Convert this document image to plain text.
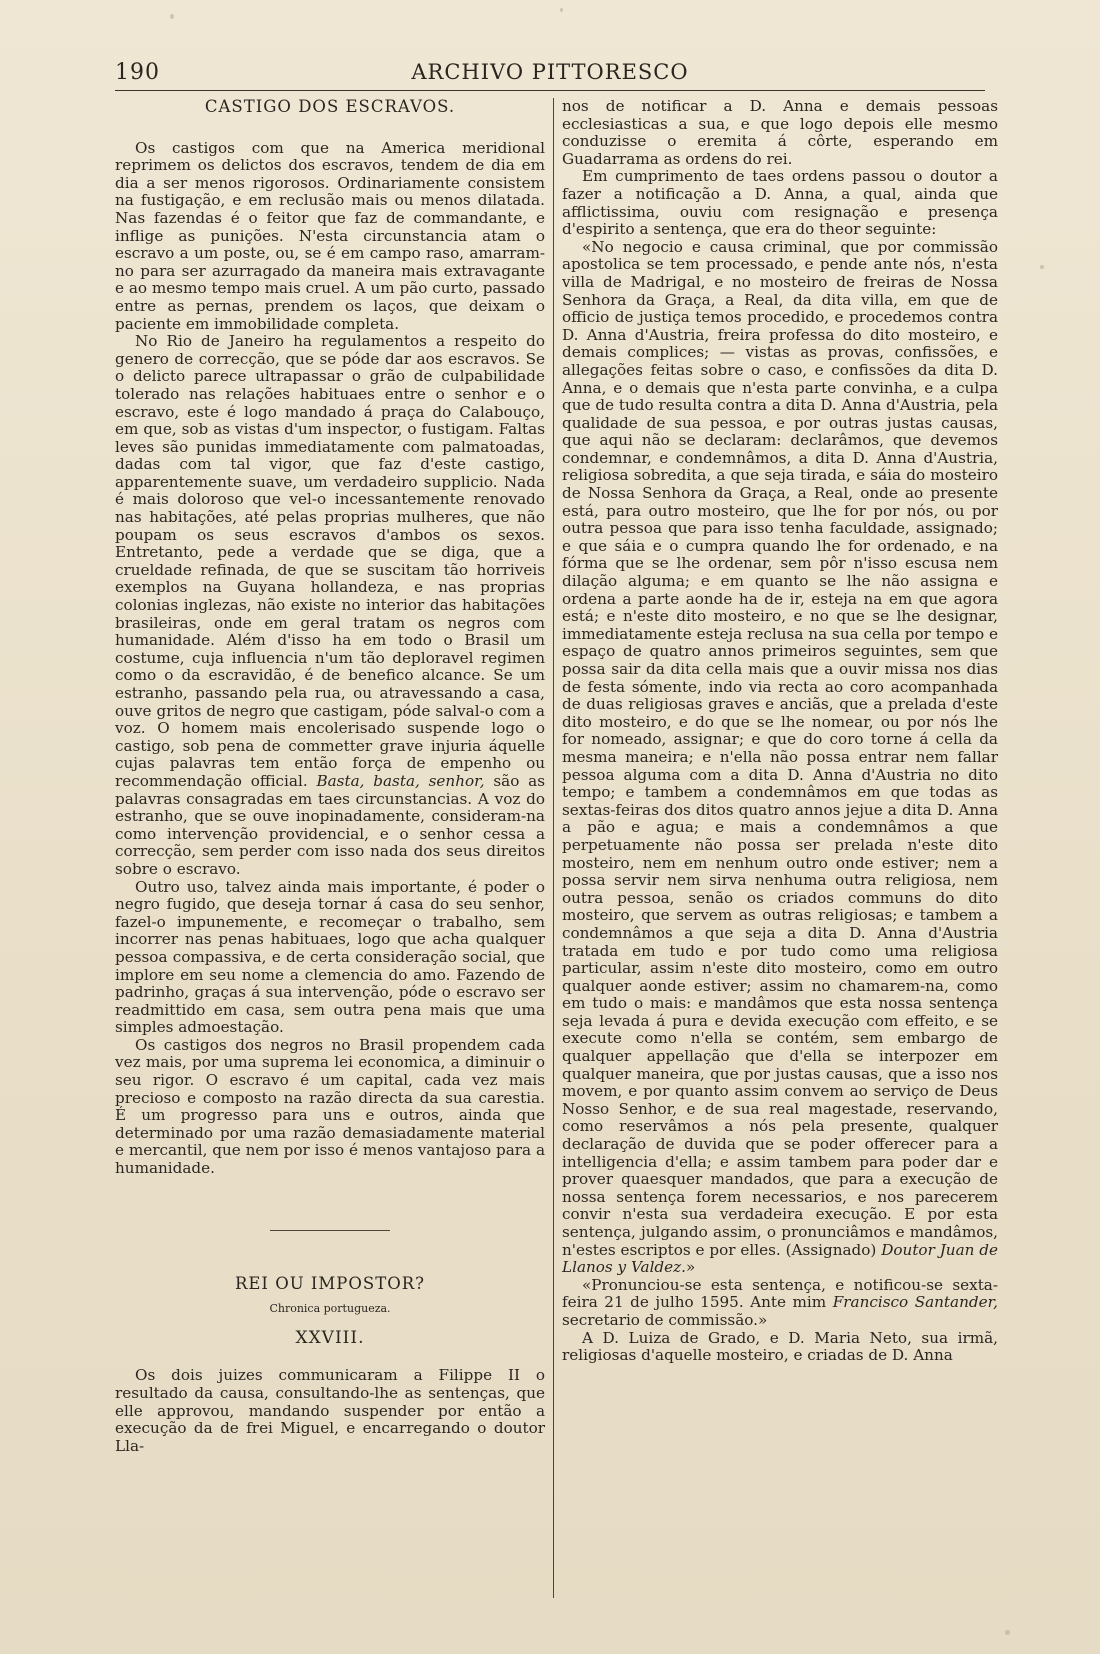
190	ARCHIVO PITTORESCO
CASTIGO DOS ESCRAVOS.

Os castigos com que na America meridional reprimem os delictos dos escravos, tendem de dia em dia a ser menos rigorosos. Ordinariamente consistem na fustigação, e em reclusão mais ou menos dilatada. Nas fazendas é o feitor que faz de commandante, e inflige as punições. N'esta circunstancia atam o escravo a um poste, ou, se é em campo raso, amarram-no para ser azurragado da maneira mais extravagante e ao mesmo tempo mais cruel. A um pão curto, passado entre as pernas, prendem os laços, que deixam o paciente em immobilidade completa.

No Rio de Janeiro ha regulamentos a respeito do genero de correcção, que se póde dar aos escravos. Se o delicto parece ultrapassar o grão de culpabilidade tolerado nas relações habituaes entre o senhor e o escravo, este é logo mandado á praça do Calabouço, em que, sob as vistas d'um inspector, o fustigam. Faltas leves são punidas immediatamente com palmatoadas, dadas com tal vigor, que faz d'este castigo, apparentemente suave, um verdadeiro supplicio. Nada é mais doloroso que vel-o incessantemente renovado nas habitações, até pelas proprias mulheres, que não poupam os seus escravos d'ambos os sexos. Entretanto, pede a verdade que se diga, que a crueldade refinada, de que se suscitam tão horriveis exemplos na Guyana hollandeza, e nas proprias colonias inglezas, não existe no interior das habitações brasileiras, onde em geral tratam os negros com humanidade. Além d'isso ha em todo o Brasil um costume, cuja influencia n'um tão deploravel regimen como o da escravidão, é de benefico alcance. Se um estranho, passando pela rua, ou atravessando a casa, ouve gritos de negro que castigam, póde salval-o com a voz. O homem mais encolerisado suspende logo o castigo, sob pena de commetter grave injuria áquelle cujas palavras tem então força de empenho ou recommendação official. Basta, basta, senhor, são as palavras consagradas em taes circunstancias. A voz do estranho, que se ouve inopinadamente, consideram-na como intervenção providencial, e o senhor cessa a correcção, sem perder com isso nada dos seus direitos sobre o escravo.

Outro uso, talvez ainda mais importante, é poder o negro fugido, que deseja tornar á casa do seu senhor, fazel-o impunemente, e recomeçar o trabalho, sem incorrer nas penas habituaes, logo que acha qualquer pessoa compassiva, e de certa consideração social, que implore em seu nome a clemencia do amo. Fazendo de padrinho, graças á sua intervenção, póde o escravo ser readmittido em casa, sem outra pena mais que uma simples admoestação.

Os castigos dos negros no Brasil propendem cada vez mais, por uma suprema lei economica, a diminuir o seu rigor. O escravo é um capital, cada vez mais precioso e composto na razão directa da sua carestia. É um progresso para uns e outros, ainda que determinado por uma razão demasiadamente material e mercantil, que nem por isso é menos vantajoso para a humanidade.

REI OU IMPOSTOR?
Chronica portugueza.
XXVIII.

Os dois juizes communicaram a Filippe II o resultado da causa, consultando-lhe as sentenças, que elle approvou, mandando suspender por então a execução da de frei Miguel, e encarregando o doutor Lla-

nos de notificar a D. Anna e demais pessoas ecclesiasticas a sua, e que logo depois elle mesmo conduzisse o eremita á côrte, esperando em Guadarrama as ordens do rei.

Em cumprimento de taes ordens passou o doutor a fazer a notificação a D. Anna, a qual, ainda que afflictissima, ouviu com resignação e presença d'espirito a sentença, que era do theor seguinte:

«No negocio e causa criminal, que por commissão apostolica se tem processado, e pende ante nós, n'esta villa de Madrigal, e no mosteiro de freiras de Nossa Senhora da Graça, a Real, da dita villa, em que de officio de justiça temos procedido, e procedemos contra D. Anna d'Austria, freira professa do dito mosteiro, e demais complices; — vistas as provas, confissões, e allegações feitas sobre o caso, e confissões da dita D. Anna, e o demais que n'esta parte convinha, e a culpa que de tudo resulta contra a dita D. Anna d'Austria, pela qualidade de sua pessoa, e por outras justas causas, que aqui não se declaram: declarâmos, que devemos condemnar, e condemnâmos, a dita D. Anna d'Austria, religiosa sobredita, a que seja tirada, e sáia do mosteiro de Nossa Senhora da Graça, a Real, onde ao presente está, para outro mosteiro, que lhe for por nós, ou por outra pessoa que para isso tenha faculdade, assignado; e que sáia e o cumpra quando lhe for ordenado, e na fórma que se lhe ordenar, sem pôr n'isso escusa nem dilação alguma; e em quanto se lhe não assigna e ordena a parte aonde ha de ir, esteja na em que agora está; e n'este dito mosteiro, e no que se lhe designar, immediatamente esteja reclusa na sua cella por tempo e espaço de quatro annos primeiros seguintes, sem que possa sair da dita cella mais que a ouvir missa nos dias de festa sómente, indo via recta ao coro acompanhada de duas religiosas graves e anciãs, que a prelada d'este dito mosteiro, e do que se lhe nomear, ou por nós lhe for nomeado, assignar; e que do coro torne á cella da mesma maneira; e n'ella não possa entrar nem fallar pessoa alguma com a dita D. Anna d'Austria no dito tempo; e tambem a condemnâmos em que todas as sextas-feiras dos ditos quatro annos jejue a dita D. Anna a pão e agua; e mais a condemnâmos a que perpetuamente não possa ser prelada n'este dito mosteiro, nem em nenhum outro onde estiver; nem a possa servir nem sirva nenhuma outra religiosa, nem outra pessoa, senão os criados communs do dito mosteiro, que servem as outras religiosas; e tambem a condemnâmos a que seja a dita D. Anna d'Austria tratada em tudo e por tudo como uma religiosa particular, assim n'este dito mosteiro, como em outro qualquer aonde estiver; assim no chamarem-na, como em tudo o mais: e mandâmos que esta nossa sentença seja levada á pura e devida execução com effeito, e se execute como n'ella se contém, sem embargo de qualquer appellação que d'ella se interpozer em qualquer maneira, que por justas causas, que a isso nos movem, e por quanto assim convem ao serviço de Deus Nosso Senhor, e de sua real magestade, reservando, como reservâmos a nós pela presente, qualquer declaração de duvida que se poder offerecer para a intelligencia d'ella; e assim tambem para poder dar e prover quaesquer mandados, que para a execução de nossa sentença forem necessarios, e nos parecerem convir n'esta sua verdadeira execução. E por esta sentença, julgando assim, o pronunciâmos e mandâmos, n'estes escriptos e por elles. (Assignado) Doutor Juan de Llanos y Valdez.»

«Pronunciou-se esta sentença, e notificou-se sexta-feira 21 de julho 1595. Ante mim Francisco Santander, secretario de commissão.»

A D. Luiza de Grado, e D. Maria Neto, sua irmã, religiosas d'aquelle mosteiro, e criadas de D. Anna
